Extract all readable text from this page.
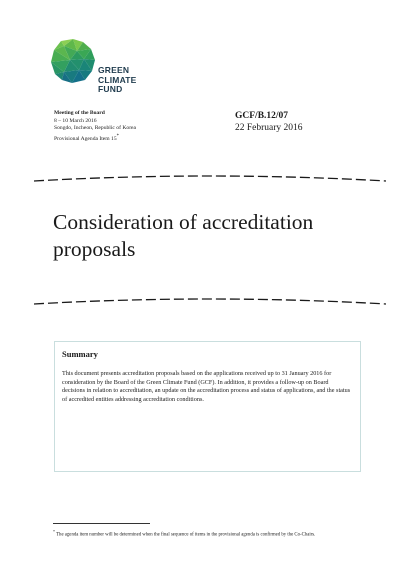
GREEN
CLIMATE
FUND
Meeting of the Board
8 – 10 March 2016
Songdo, Incheon, Republic of Korea
Provisional Agenda Item 15*
GCF/B.12/07
22 February 2016
Consideration of accreditation proposals
Summary

This document presents accreditation proposals based on the applications received up to 31 January 2016 for consideration by the Board of the Green Climate Fund (GCF). In addition, it provides a follow-up on Board decisions in relation to accreditation, an update on the accreditation process and status of applications, and the status of accredited entities addressing accreditation conditions.

* The agenda item number will be determined when the final sequence of items in the provisional agenda is confirmed by the Co-Chairs.
